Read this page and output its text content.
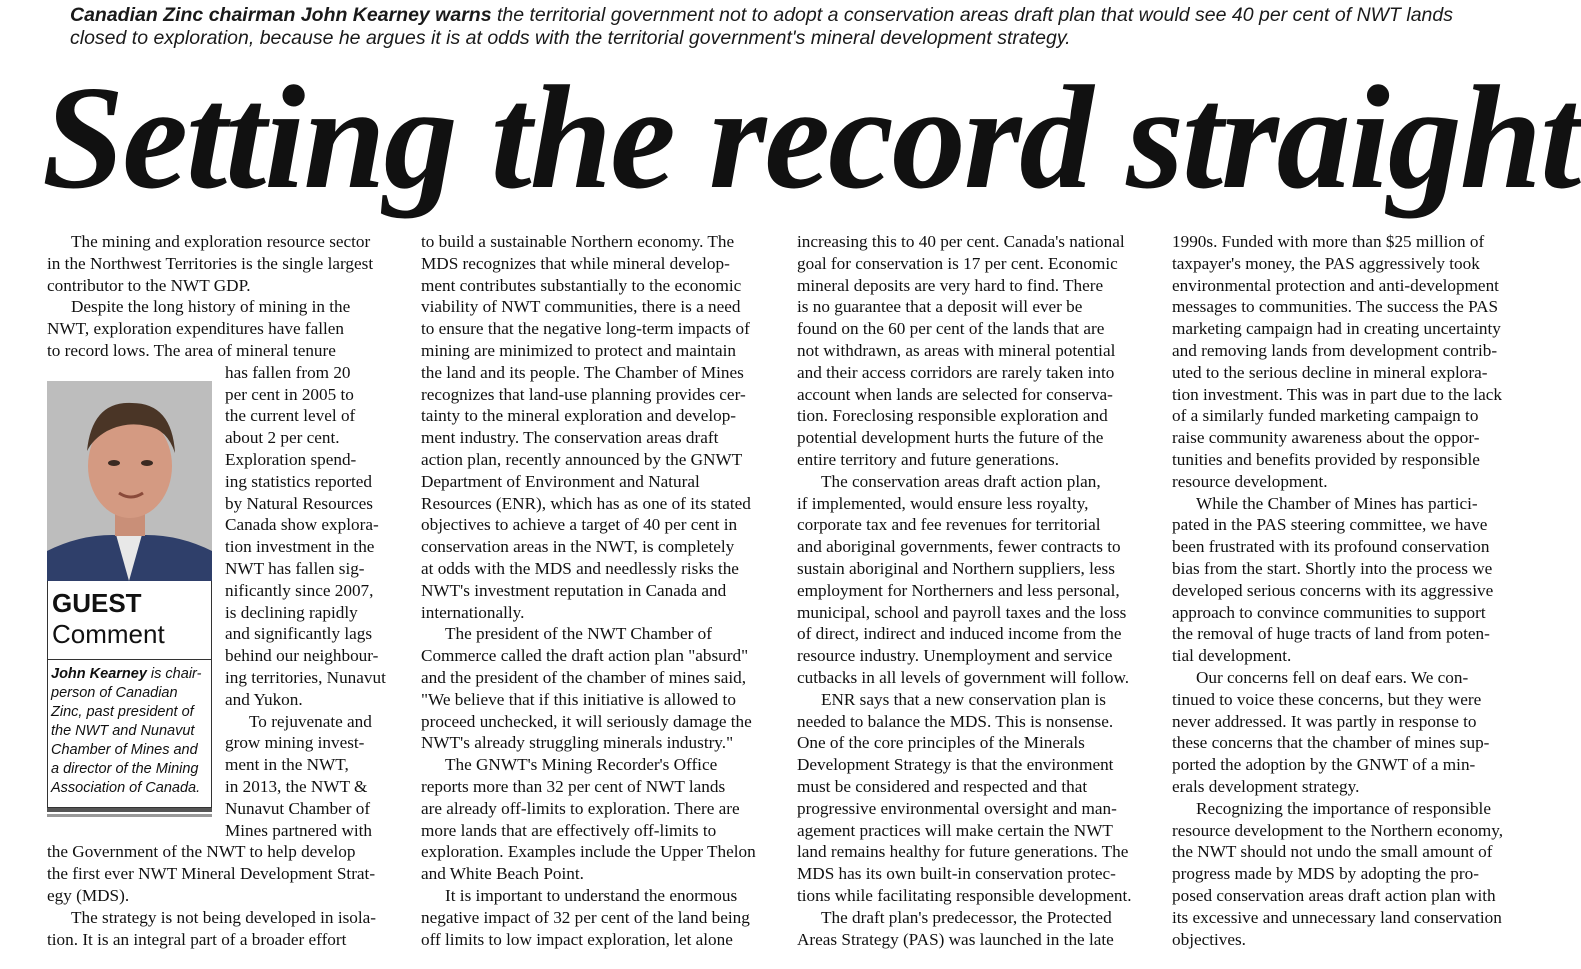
Canadian Zinc chairman John Kearney warns the territorial government not to adopt a conservation areas draft plan that would see 40 per cent of NWT lands
closed to exploration, because he argues it is at odds with the territorial government's mineral development strategy.
Setting the record straight
The mining and exploration resource sector
in the Northwest Territories is the single largest
contributor to the NWT GDP.
Despite the long history of mining in the
NWT, exploration expenditures have fallen
to record lows. The area of mineral tenure
has fallen from 20
per cent in 2005 to
the current level of
about 2 per cent.
Exploration spend-
ing statistics reported
by Natural Resources
Canada show explora-
tion investment in the
NWT has fallen sig-
nificantly since 2007,
is declining rapidly
and significantly lags
behind our neighbour-
ing territories, Nunavut
and Yukon.
To rejuvenate and
grow mining invest-
ment in the NWT,
in 2013, the NWT &
Nunavut Chamber of
Mines partnered with
the Government of the NWT to help develop
the first ever NWT Mineral Development Strat-
egy (MDS).
The strategy is not being developed in isola-
tion. It is an integral part of a broader effort
to build a sustainable Northern economy. The
MDS recognizes that while mineral develop-
ment contributes substantially to the economic
viability of NWT communities, there is a need
to ensure that the negative long-term impacts of
mining are minimized to protect and maintain
the land and its people. The Chamber of Mines
recognizes that land-use planning provides cer-
tainty to the mineral exploration and develop-
ment industry. The conservation areas draft
action plan, recently announced by the GNWT
Department of Environment and Natural
Resources (ENR), which has as one of its stated
objectives to achieve a target of 40 per cent in
conservation areas in the NWT, is completely
at odds with the MDS and needlessly risks the
NWT's investment reputation in Canada and
internationally.
The president of the NWT Chamber of
Commerce called the draft action plan "absurd"
and the president of the chamber of mines said,
"We believe that if this initiative is allowed to
proceed unchecked, it will seriously damage the
NWT's already struggling minerals industry."
The GNWT's Mining Recorder's Office
reports more than 32 per cent of NWT lands
are already off-limits to exploration. There are
more lands that are effectively off-limits to
exploration. Examples include the Upper Thelon
and White Beach Point.
It is important to understand the enormous
negative impact of 32 per cent of the land being
off limits to low impact exploration, let alone
increasing this to 40 per cent. Canada's national
goal for conservation is 17 per cent. Economic
mineral deposits are very hard to find. There
is no guarantee that a deposit will ever be
found on the 60 per cent of the lands that are
not withdrawn, as areas with mineral potential
and their access corridors are rarely taken into
account when lands are selected for conserva-
tion. Foreclosing responsible exploration and
potential development hurts the future of the
entire territory and future generations.
The conservation areas draft action plan,
if implemented, would ensure less royalty,
corporate tax and fee revenues for territorial
and aboriginal governments, fewer contracts to
sustain aboriginal and Northern suppliers, less
employment for Northerners and less personal,
municipal, school and payroll taxes and the loss
of direct, indirect and induced income from the
resource industry. Unemployment and service
cutbacks in all levels of government will follow.
ENR says that a new conservation plan is
needed to balance the MDS. This is nonsense.
One of the core principles of the Minerals
Development Strategy is that the environment
must be considered and respected and that
progressive environmental oversight and man-
agement practices will make certain the NWT
land remains healthy for future generations. The
MDS has its own built-in conservation protec-
tions while facilitating responsible development.
The draft plan's predecessor, the Protected
Areas Strategy (PAS) was launched in the late
1990s. Funded with more than $25 million of
taxpayer's money, the PAS aggressively took
environmental protection and anti-development
messages to communities. The success the PAS
marketing campaign had in creating uncertainty
and removing lands from development contrib-
uted to the serious decline in mineral explora-
tion investment. This was in part due to the lack
of a similarly funded marketing campaign to
raise community awareness about the oppor-
tunities and benefits provided by responsible
resource development.
While the Chamber of Mines has partici-
pated in the PAS steering committee, we have
been frustrated with its profound conservation
bias from the start. Shortly into the process we
developed serious concerns with its aggressive
approach to convince communities to support
the removal of huge tracts of land from poten-
tial development.
Our concerns fell on deaf ears. We con-
tinued to voice these concerns, but they were
never addressed. It was partly in response to
these concerns that the chamber of mines sup-
ported the adoption by the GNWT of a min-
erals development strategy.
Recognizing the importance of responsible
resource development to the Northern economy,
the NWT should not undo the small amount of
progress made by MDS by adopting the pro-
posed conservation areas draft action plan with
its excessive and unnecessary land conservation
objectives.
GUEST
Comment
John Kearney is chair-
person of Canadian
Zinc, past president of
the NWT and Nunavut
Chamber of Mines and
a director of the Mining
Association of Canada.
